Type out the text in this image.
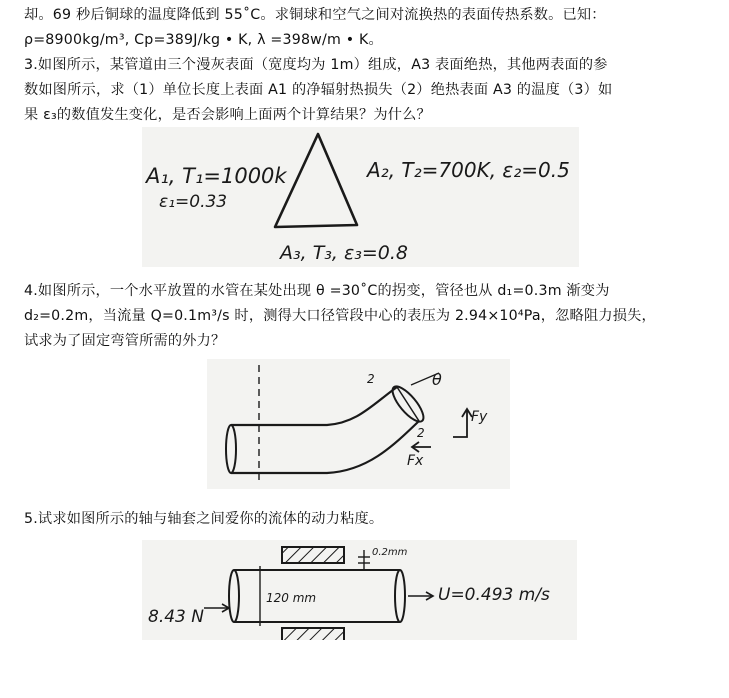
却。69 秒后铜球的温度降低到 55˚C。求铜球和空气之间对流换热的表面传热系数。已知：
ρ=8900kg/m³, Cp=389J/kg • K, λ =398w/m • K。
3.如图所示，某管道由三个漫灰表面（宽度均为 1m）组成，A3 表面绝热，其他两表面的参
数如图所示，求（1）单位长度上表面 A1 的净辐射热损失（2）绝热表面 A3 的温度（3）如
果 ε₃的数值发生变化，是否会影响上面两个计算结果？为什么？
A₁, T₁=1000k
ε₁=0.33
A₂, T₂=700K, ε₂=0.5
A₃, T₃, ε₃=0.8
4.如图所示，一个水平放置的水管在某处出现 θ =30˚C的拐变，管径也从 d₁=0.3m 渐变为
d₂=0.2m，当流量 Q=0.1m³/s 时，测得大口径管段中心的表压为 2.94×10⁴Pa，忽略阻力损失，
试求为了固定弯管所需的外力？
θ
2
2
Fy
Fx
5.试求如图所示的轴与轴套之间爱你的流体的动力粘度。
120 mm
0.2mm
8.43 N
U=0.493 m/s
